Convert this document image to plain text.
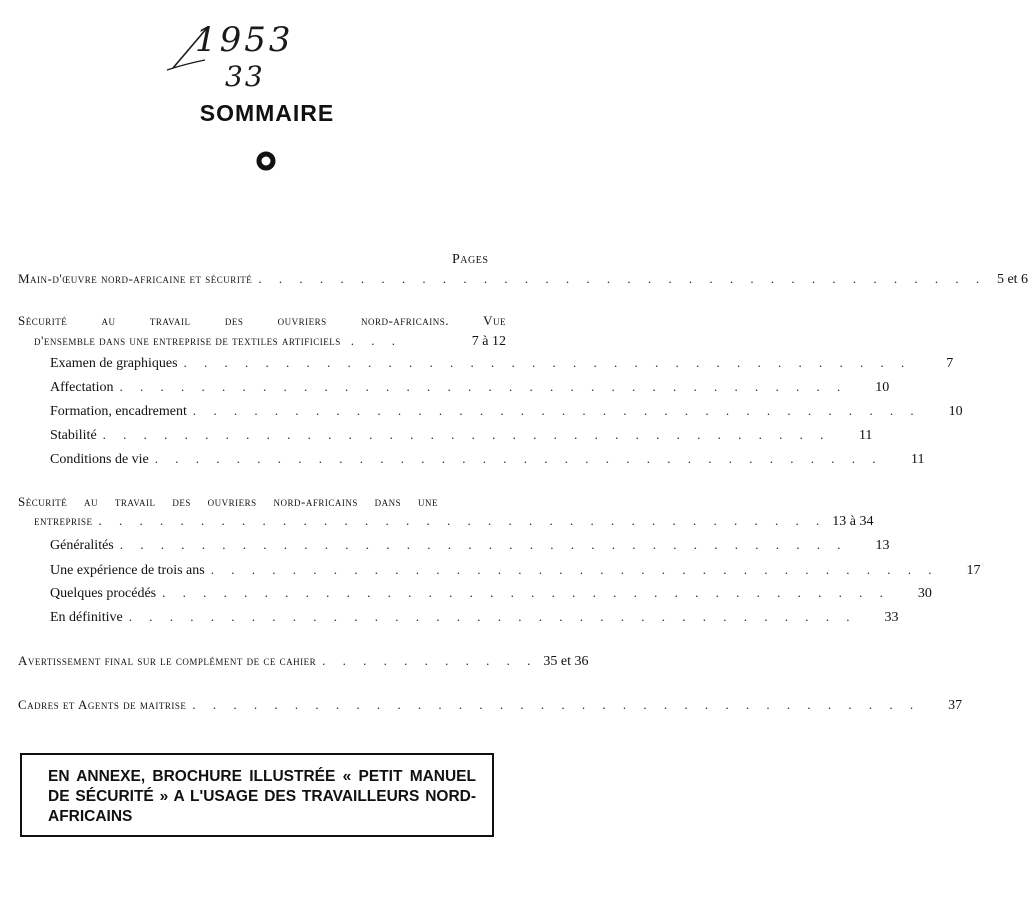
1953
33
SOMMAIRE
Pages
Main-d'œuvre nord-africaine et sécurité . . . . . . . . . . . . . . . . . . . . . . . . . . . . . . . . . . . . 5 et 6
Sécurité au travail des ouvriers nord-africains. Vue
d'ensemble dans une entreprise de textiles artificiels . . .	7 à 12
Examen de graphiques . . . . . . . . . . . . . . . . . . . . . . . . . . . . . . . . . . . .	7
Affectation . . . . . . . . . . . . . . . . . . . . . . . . . . . . . . . . . . . .	10
Formation, encadrement . . . . . . . . . . . . . . . . . . . . . . . . . . . . . . . . . . . .	10
Stabilité . . . . . . . . . . . . . . . . . . . . . . . . . . . . . . . . . . . .	11
Conditions de vie . . . . . . . . . . . . . . . . . . . . . . . . . . . . . . . . . . . .	11
Sécurité au travail des ouvriers nord-africains dans une
entreprise . . . . . . . . . . . . . . . . . . . . . . . . . . . . . . . . . . . . 13 à 34
Généralités . . . . . . . . . . . . . . . . . . . . . . . . . . . . . . . . . . . .	13
Une expérience de trois ans . . . . . . . . . . . . . . . . . . . . . . . . . . . . . . . . . . . .	17
Quelques procédés . . . . . . . . . . . . . . . . . . . . . . . . . . . . . . . . . . . .	30
En définitive . . . . . . . . . . . . . . . . . . . . . . . . . . . . . . . . . . . .	33
Avertissement final sur le complément de ce cahier . . . . . . . . . . . 35 et 36
Cadres et Agents de maitrise . . . . . . . . . . . . . . . . . . . . . . . . . . . . . . . . . . . .	37
EN ANNEXE, BROCHURE ILLUSTRÉE « PETIT MANUEL DE SÉCURITÉ » A L'USAGE DES TRAVAILLEURS NORD-AFRICAINS
